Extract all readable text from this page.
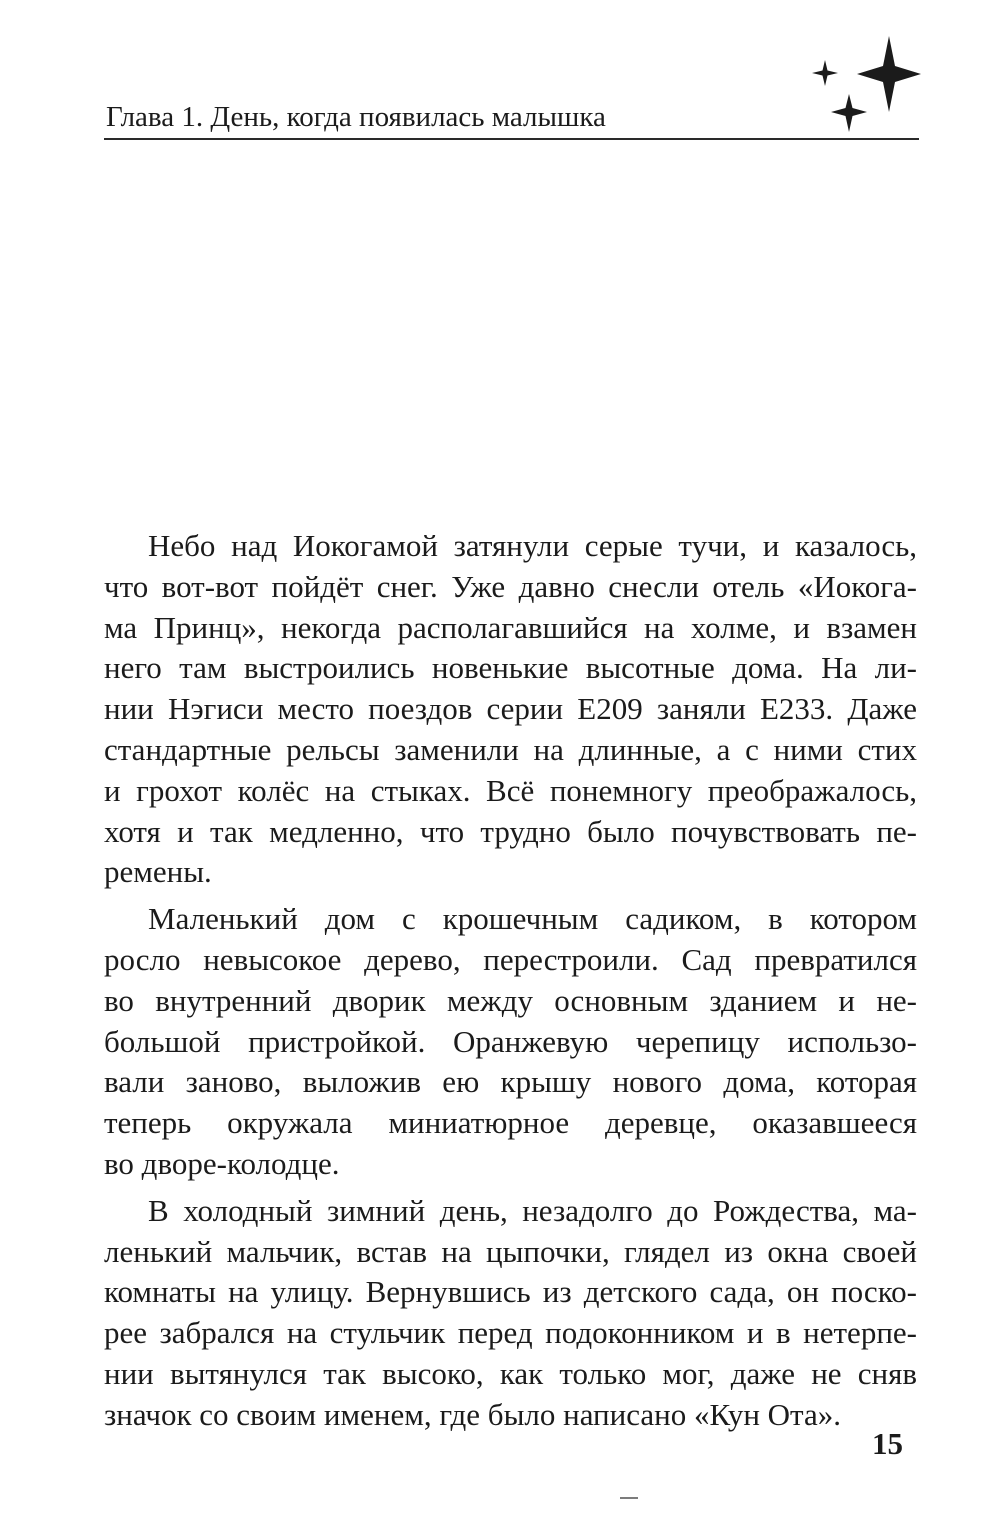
Глава 1. День, когда появилась малышка
Небо над Иокогамой затянули серые тучи, и казалось,
что вот-вот пойдёт снег. Уже давно снесли отель «Иокога-
ма Принц», некогда располагавшийся на холме, и взамен
него там выстроились новенькие высотные дома. На ли-
нии Нэгиси место поездов серии E209 заняли E233. Даже
стандартные рельсы заменили на длинные, а с ними стих
и грохот колёс на стыках. Всё понемногу преображалось,
хотя и так медленно, что трудно было почувствовать пе-
ремены.
Маленький дом с крошечным садиком, в котором
росло невысокое дерево, перестроили. Сад превратился
во внутренний дворик между основным зданием и не-
большой пристройкой. Оранжевую черепицу использо-
вали заново, выложив ею крышу нового дома, которая
теперь окружала миниатюрное деревце, оказавшееся
во дворе-колодце.
В холодный зимний день, незадолго до Рождества, ма-
ленький мальчик, встав на цыпочки, глядел из окна своей
комнаты на улицу. Вернувшись из детского сада, он поско-
рее забрался на стульчик перед подоконником и в нетерпе-
нии вытянулся так высоко, как только мог, даже не сняв
значок со своим именем, где было написано «Кун Ота».
15
